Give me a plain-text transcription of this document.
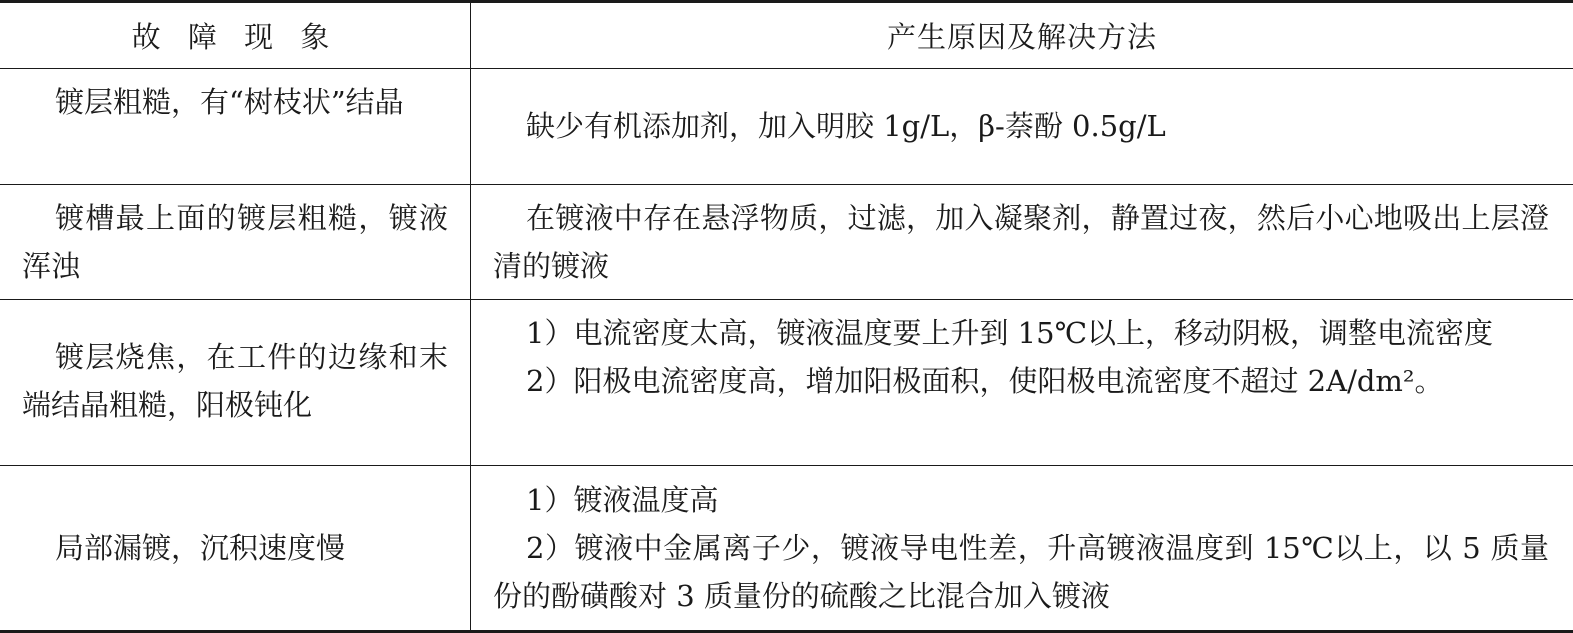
故 障 现 象	产生原因及解决方法
镀层粗糙，有“树枝状”结晶
缺少有机添加剂，加入明胶 1g/L，β-萘酚 0.5g/L
镀槽最上面的镀层粗糙，镀液浑浊
在镀液中存在悬浮物质，过滤，加入凝聚剂，静置过夜，然后小心地吸出上层澄清的镀液
镀层烧焦，在工件的边缘和末端结晶粗糙，阳极钝化
1）电流密度太高，镀液温度要上升到 15℃以上，移动阴极，调整电流密度
2）阳极电流密度高，增加阳极面积，使阳极电流密度不超过 2A/dm²。
局部漏镀，沉积速度慢
1）镀液温度高
2）镀液中金属离子少，镀液导电性差，升高镀液温度到 15℃以上，以 5 质量份的酚磺酸对 3 质量份的硫酸之比混合加入镀液
